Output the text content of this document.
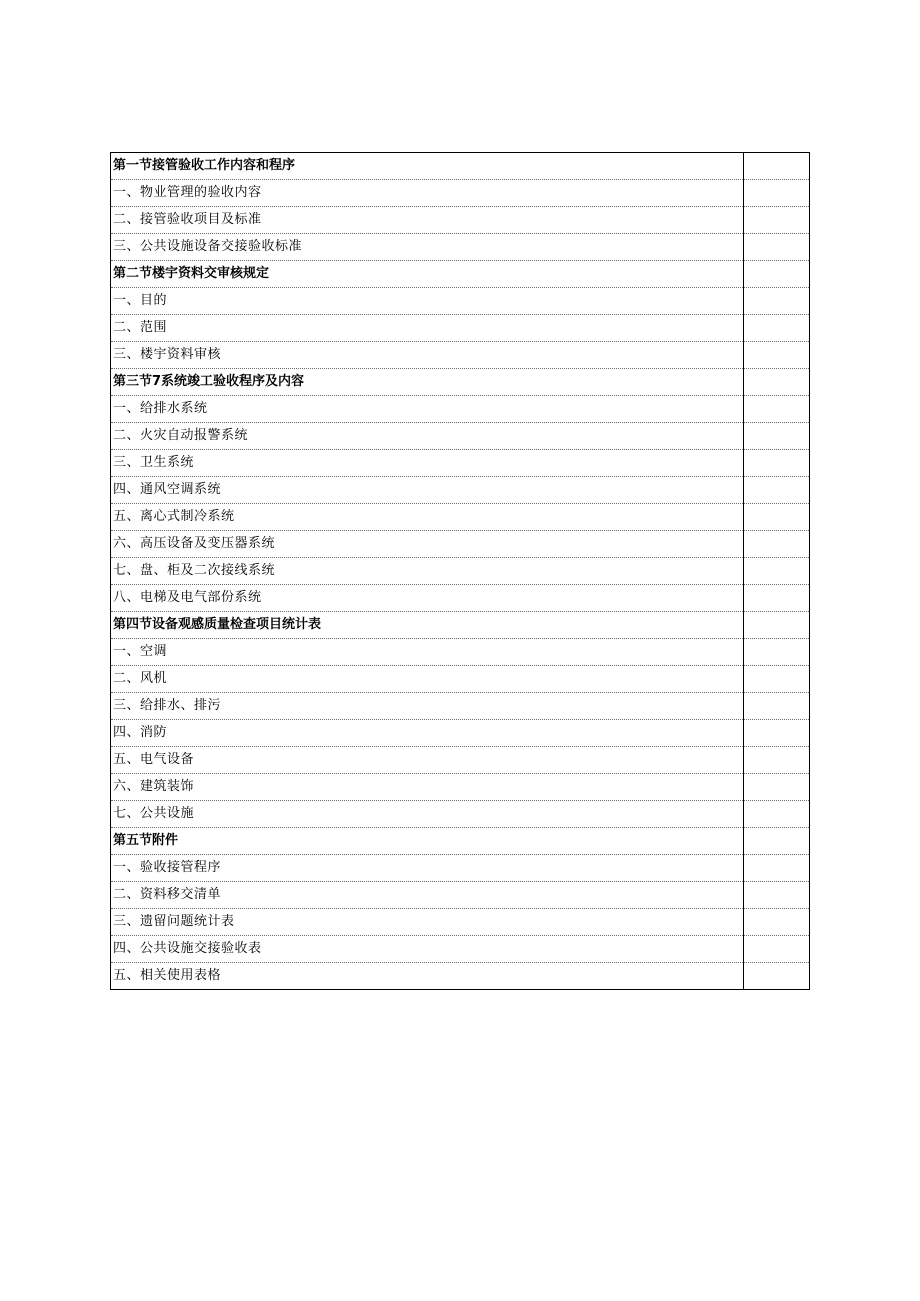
第一节接管验收工作内容和程序	
一、物业管理的验收内容	
二、接管验收项目及标准	
三、公共设施设备交接验收标准	
第二节楼宇资料交审核规定	
一、目的	
二、范围	
三、楼宇资料审核	
第三节7系统竣工验收程序及内容	
一、给排水系统	
二、火灾自动报警系统	
三、卫生系统	
四、通风空调系统	
五、离心式制冷系统	
六、高压设备及变压器系统	
七、盘、柜及二次接线系统	
八、电梯及电气部份系统	
第四节设备观感质量检查项目统计表	
一、空调	
二、风机	
三、给排水、排污	
四、消防	
五、电气设备	
六、建筑装饰	
七、公共设施	
第五节附件	
一、验收接管程序	
二、资料移交清单	
三、遗留问题统计表	
四、公共设施交接验收表	
五、相关使用表格	
